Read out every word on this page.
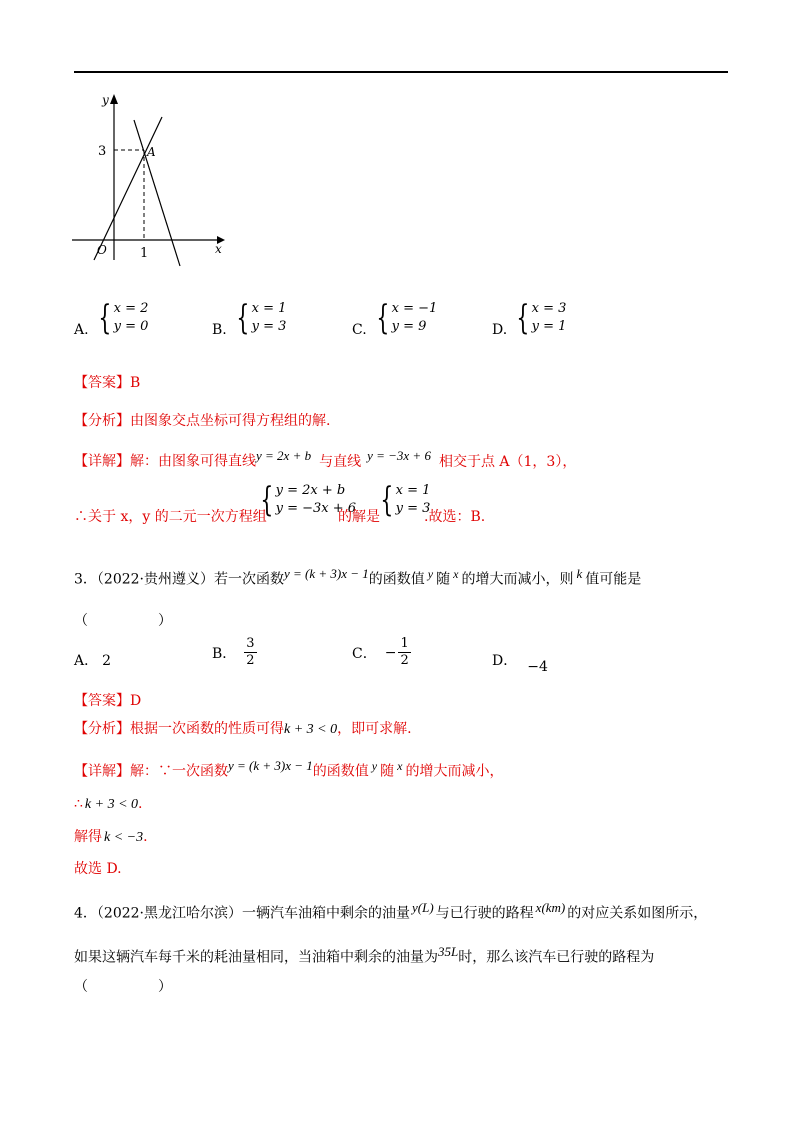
y
x
O
3
1
A
A. { x = 2
y = 0	B. { x = 1
y = 3	C. { x = −1
y = 9	D. { x = 3
y = 1
【答案】B
【分析】由图象交点坐标可得方程组的解.
【详解】解：由图象可得直线$^{y = 2x + b}$ 与直线 $^{y = -3x + 6}$ 相交于点 A（1，3），
∴关于 x，y 的二元一次方程组
{ y = 2x + b
y = −3x + 6
的解是 { x = 1
y = 3
.故选：B.
3．（2022·贵州遵义）若一次函数$^{y = (k + 3)x - 1}$的函数值 $^y$ 随 $^x$ 的增大而减小，则 $^k$ 值可能是
（　　　　　）
A． 2	B． $\frac{3}{2}$	C． − $\frac{1}{2}$	D． −4
【答案】D
【分析】根据一次函数的性质可得k + 3 < 0，即可求解.
【详解】解：∵一次函数$^{y = (k + 3)x - 1}$的函数值 $^y$ 随 $^x$ 的增大而减小，
∴ k + 3 < 0.
解得 k < −3.
故选 D.
4．（2022·黑龙江哈尔滨）一辆汽车油箱中剩余的油量 $^{y(L)}$ 与已行驶的路程 $^{x(km)}$ 的对应关系如图所示，
如果这辆汽车每千米的耗油量相同，当油箱中剩余的油量为$^{35L}$时，那么该汽车已行驶的路程为
（　　　　　）
